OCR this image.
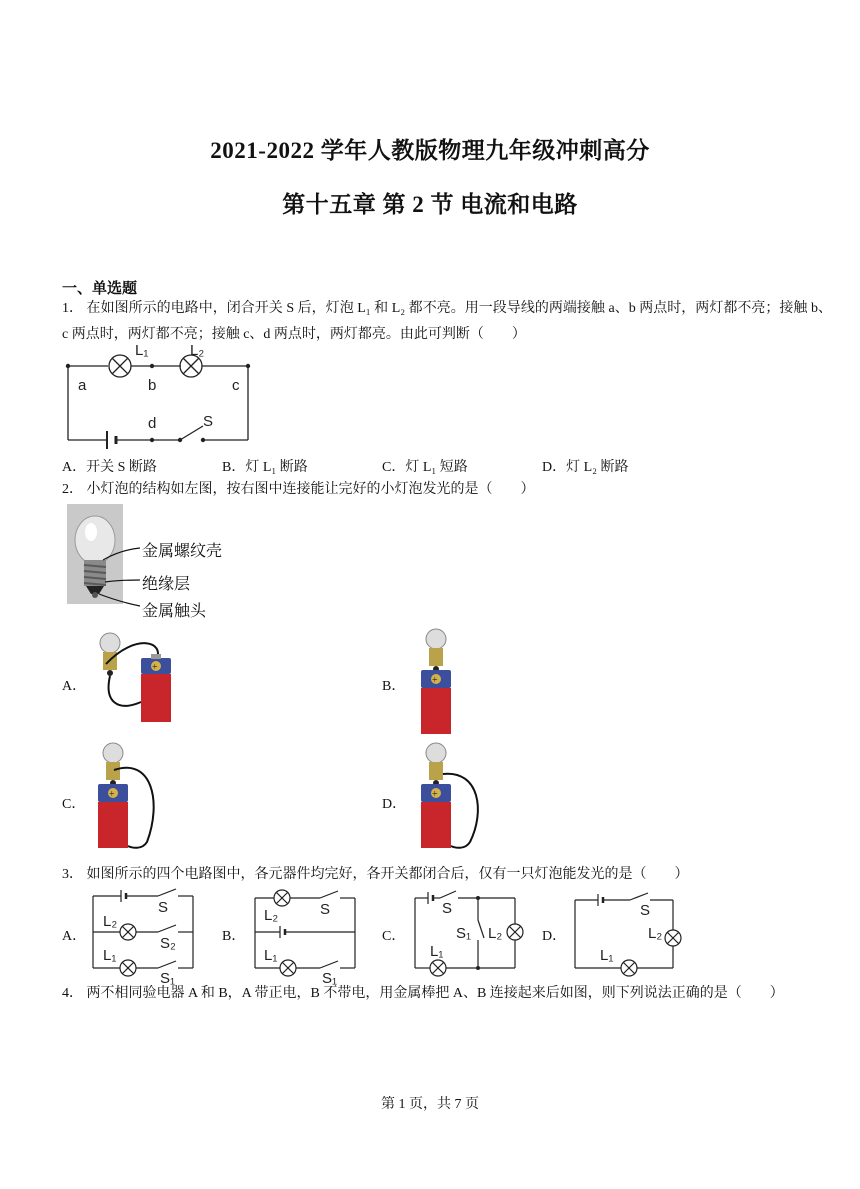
2021-2022 学年人教版物理九年级冲刺高分
第十五章 第 2 节 电流和电路
一、单选题
1． 在如图所示的电路中，闭合开关 S 后，灯泡 L₁ 和 L₂ 都不亮。用一段导线的两端接触 a、b 两点时，两灯都不亮；接触 b、c 两点时，两灯都不亮；接触 c、d 两点时，两灯都亮。由此可判断（　　）
L₁	L₂
a	b	c
d	S
A．开关 S 断路	B．灯 L₁ 断路	C．灯 L₁ 短路	D．灯 L₂ 断路
2． 小灯泡的结构如左图，按右图中连接能让完好的小灯泡发光的是（　　）
金属螺纹壳
绝缘层
金属触头
A．
+
B．	+
C．
+
D．
+
3． 如图所示的四个电路图中，各元器件均完好，各开关都闭合后，仅有一只灯泡能发光的是（　　）
A．
S
L₂
S₂
L₁
S₁
B．
L₂	S
L₁
S₁
C．
S
S₁ L₂
L₁
D．
S
L₂
L₁
4． 两不相同验电器 A 和 B，A 带正电，B 不带电，用金属棒把 A、B 连接起来后如图，则下列说法正确的是（　　）
第 1 页，共 7 页
